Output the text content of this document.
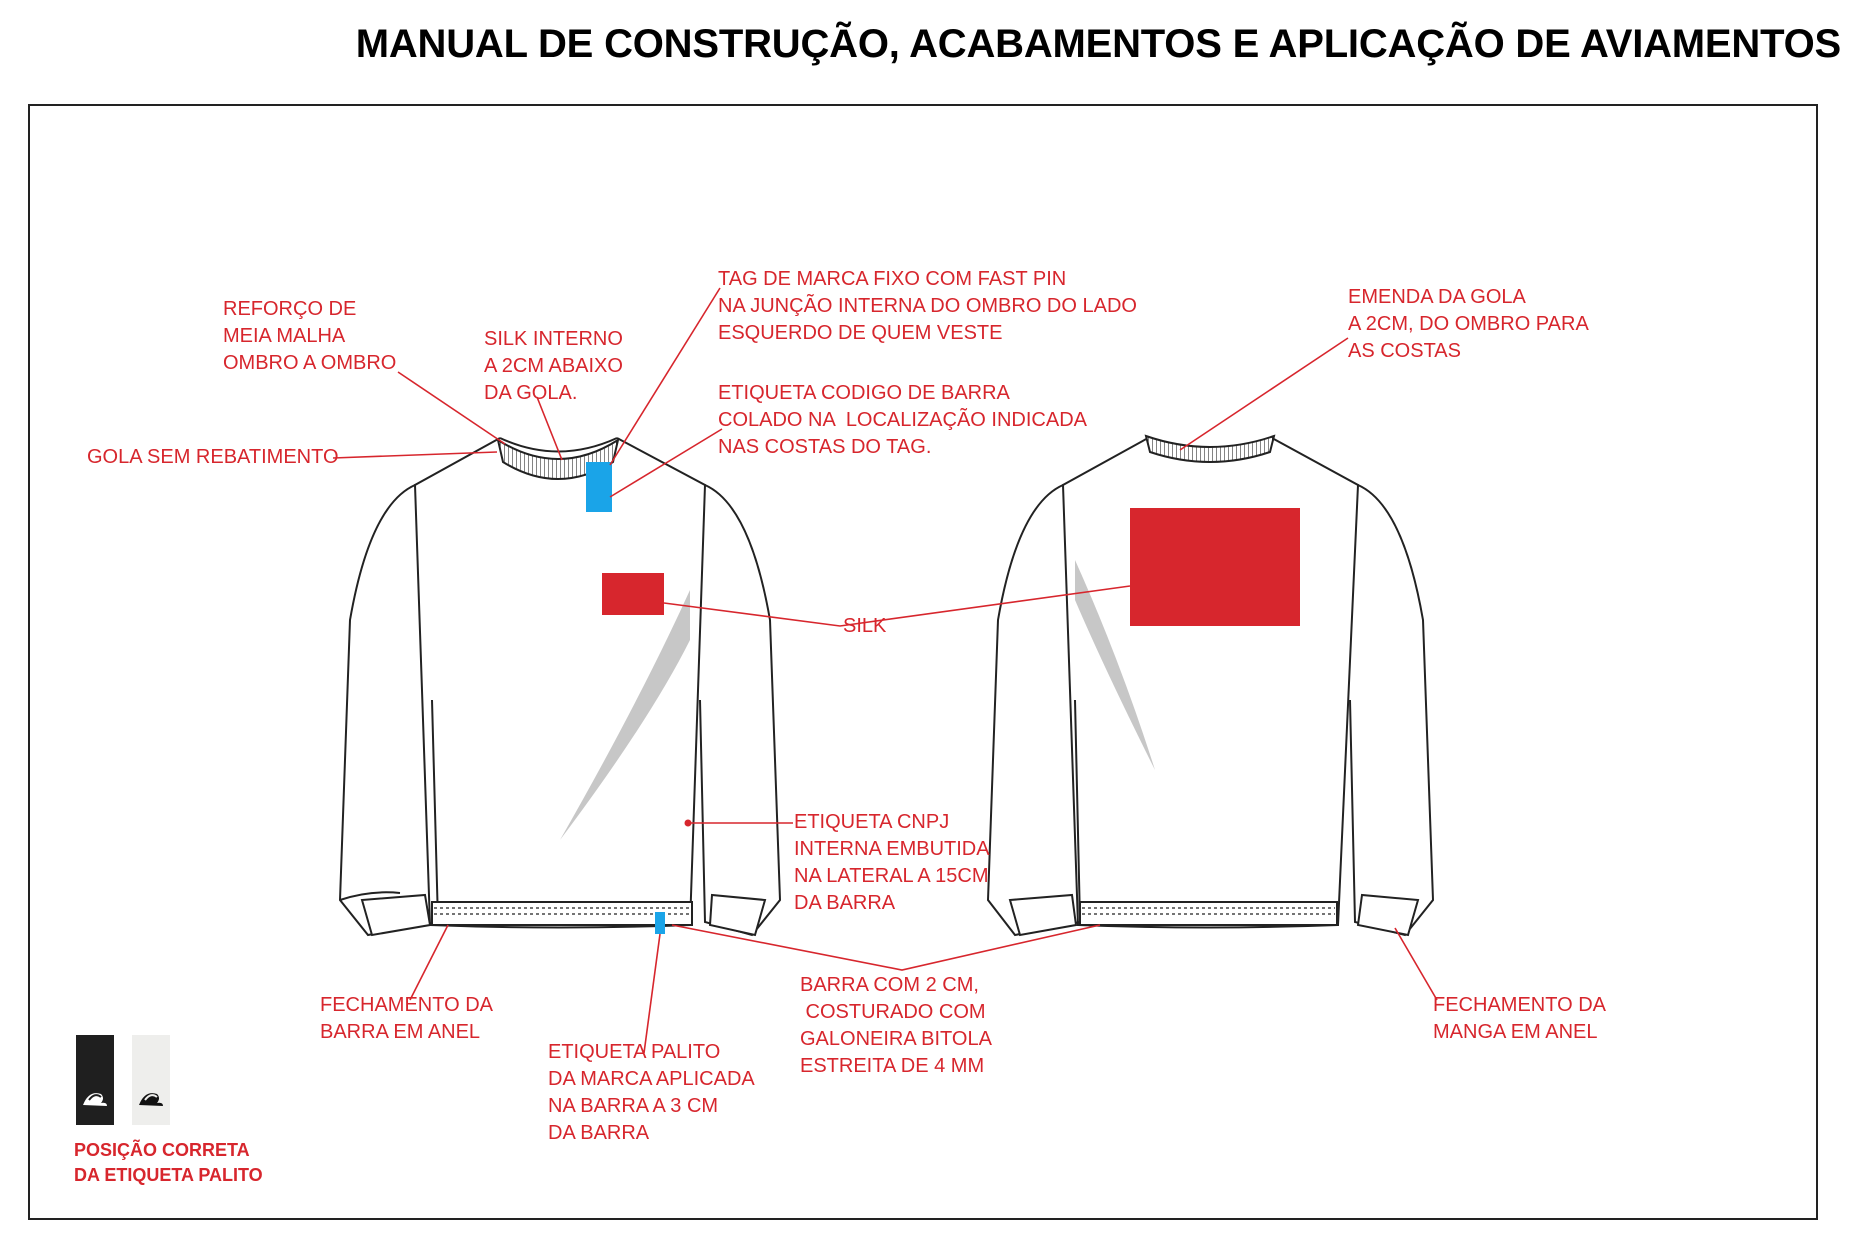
MANUAL DE CONSTRUÇÃO, ACABAMENTOS E APLICAÇÃO DE AVIAMENTOS
REFORÇO DE
MEIA MALHA
OMBRO A OMBRO
SILK INTERNO
A 2CM ABAIXO
DA GOLA.
TAG DE MARCA FIXO COM FAST PIN
NA JUNÇÃO INTERNA DO OMBRO DO LADO
ESQUERDO DE QUEM VESTE
ETIQUETA CODIGO DE BARRA
COLADO NA  LOCALIZAÇÃO INDICADA
NAS COSTAS DO TAG.
GOLA SEM REBATIMENTO
EMENDA DA GOLA
A 2CM, DO OMBRO PARA
AS COSTAS
SILK
ETIQUETA CNPJ
INTERNA EMBUTIDA
NA LATERAL A 15CM
DA BARRA
BARRA COM 2 CM,
COSTURADO COM
GALONEIRA BITOLA
ESTREITA DE 4 MM
FECHAMENTO DA
BARRA EM ANEL
ETIQUETA PALITO
DA MARCA APLICADA
NA BARRA A 3 CM
DA BARRA
FECHAMENTO DA
MANGA EM ANEL
POSIÇÃO CORRETA
DA ETIQUETA PALITO
